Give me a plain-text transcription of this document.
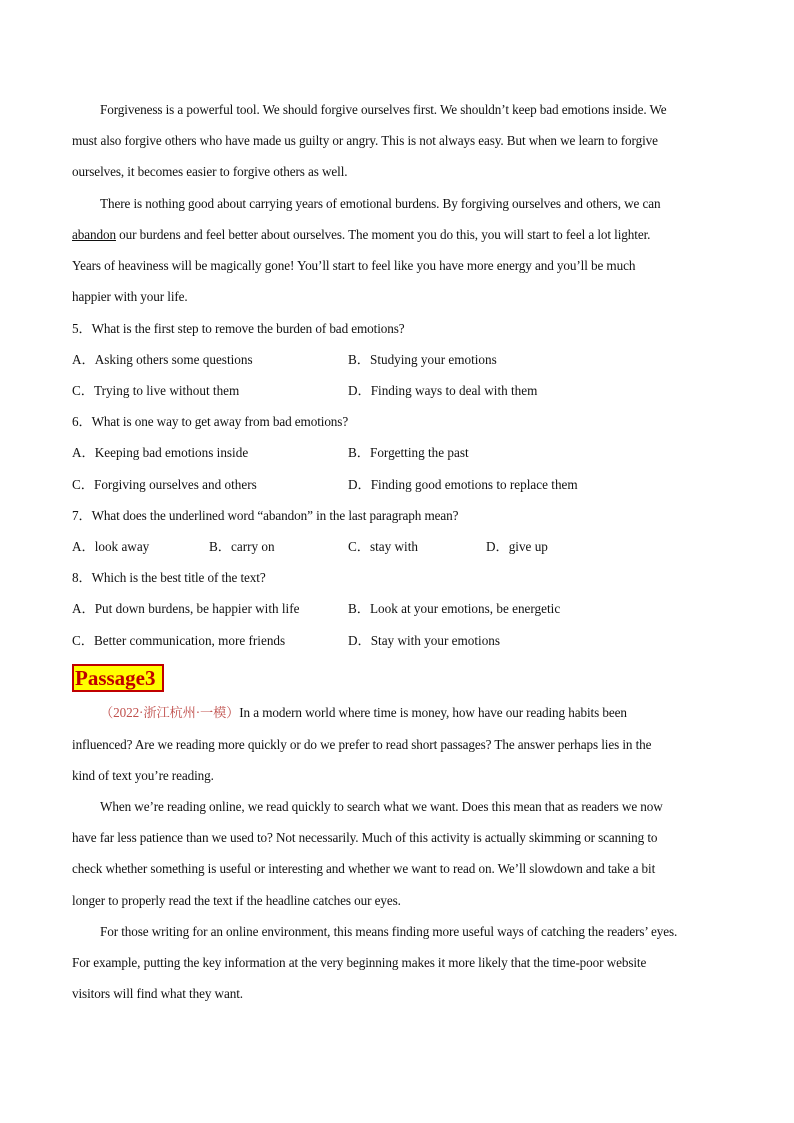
Forgiveness is a powerful tool. We should forgive ourselves first. We shouldn’t keep bad emotions inside. We
must also forgive others who have made us guilty or angry. This is not always easy. But when we learn to forgive
ourselves, it becomes easier to forgive others as well.
There is nothing good about carrying years of emotional burdens. By forgiving ourselves and others, we can
abandon our burdens and feel better about ourselves. The moment you do this, you will start to feel a lot lighter.
Years of heaviness will be magically gone! You’ll start to feel like you have more energy and you’ll be much
happier with your life.
5．What is the first step to remove the burden of bad emotions?
A．Asking others some questions	B．Studying your emotions
C．Trying to live without them	D．Finding ways to deal with them
6．What is one way to get away from bad emotions?
A．Keeping bad emotions inside	B．Forgetting the past
C．Forgiving ourselves and others	D．Finding good emotions to replace them
7．What does the underlined word “abandon” in the last paragraph mean?
A．look away	B．carry on	C．stay with	D．give up
8．Which is the best title of the text?
A．Put down burdens, be happier with life	B．Look at your emotions, be energetic
C．Better communication, more friends	D．Stay with your emotions
Passage3
（2022·浙江杭州·一模）In a modern world where time is money, how have our reading habits been
influenced? Are we reading more quickly or do we prefer to read short passages? The answer perhaps lies in the
kind of text you’re reading.
When we’re reading online, we read quickly to search what we want. Does this mean that as readers we now
have far less patience than we used to? Not necessarily. Much of this activity is actually skimming or scanning to
check whether something is useful or interesting and whether we want to read on. We’ll slowdown and take a bit
longer to properly read the text if the headline catches our eyes.
For those writing for an online environment, this means finding more useful ways of catching the readers’ eyes.
For example, putting the key information at the very beginning makes it more likely that the time-poor website
visitors will find what they want.
